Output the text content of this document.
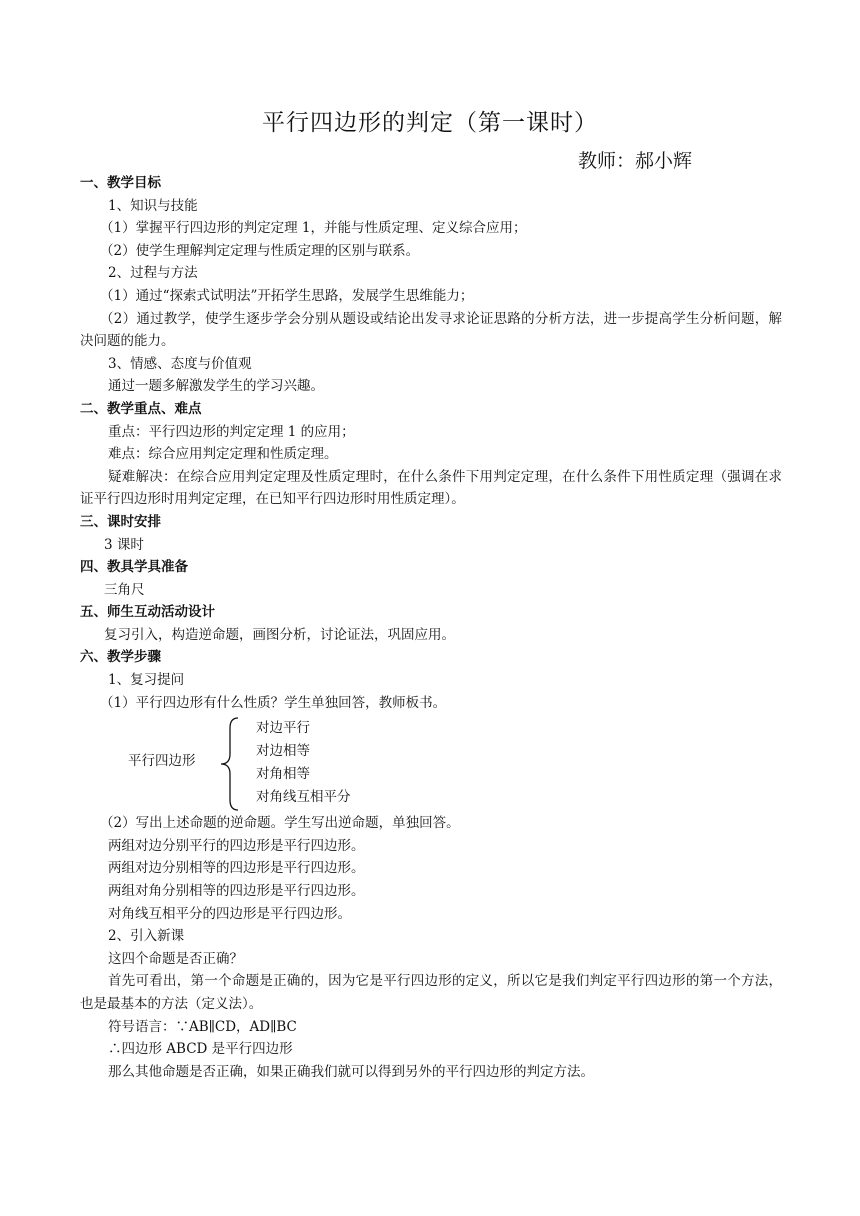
平行四边形的判定（第一课时）
教师：郝小辉
一、教学目标
1、知识与技能
（1）掌握平行四边形的判定定理 1，并能与性质定理、定义综合应用；
（2）使学生理解判定定理与性质定理的区别与联系。
2、过程与方法
（1）通过“探索式试明法”开拓学生思路，发展学生思维能力；
（2）通过教学，使学生逐步学会分别从题设或结论出发寻求论证思路的分析方法，进一步提高学生分析问题，解决问题的能力。
3、情感、态度与价值观
通过一题多解激发学生的学习兴趣。
二、教学重点、难点
重点：平行四边形的判定定理 1 的应用；
难点：综合应用判定定理和性质定理。
疑难解决：在综合应用判定定理及性质定理时，在什么条件下用判定定理，在什么条件下用性质定理（强调在求证平行四边形时用判定定理，在已知平行四边形时用性质定理）。
三、课时安排
3 课时
四、教具学具准备
三角尺
五、师生互动活动设计
复习引入，构造逆命题，画图分析，讨论证法，巩固应用。
六、教学步骤
1、复习提问
（1）平行四边形有什么性质？学生单独回答，教师板书。
平行四边形
对边平行
对边相等
对角相等
对角线互相平分
（2）写出上述命题的逆命题。学生写出逆命题，单独回答。
两组对边分别平行的四边形是平行四边形。
两组对边分别相等的四边形是平行四边形。
两组对角分别相等的四边形是平行四边形。
对角线互相平分的四边形是平行四边形。
2、引入新课
这四个命题是否正确？
首先可看出，第一个命题是正确的，因为它是平行四边形的定义，所以它是我们判定平行四边形的第一个方法，也是最基本的方法（定义法）。
符号语言：∵AB∥CD，AD∥BC
∴四边形 ABCD 是平行四边形
那么其他命题是否正确，如果正确我们就可以得到另外的平行四边形的判定方法。
